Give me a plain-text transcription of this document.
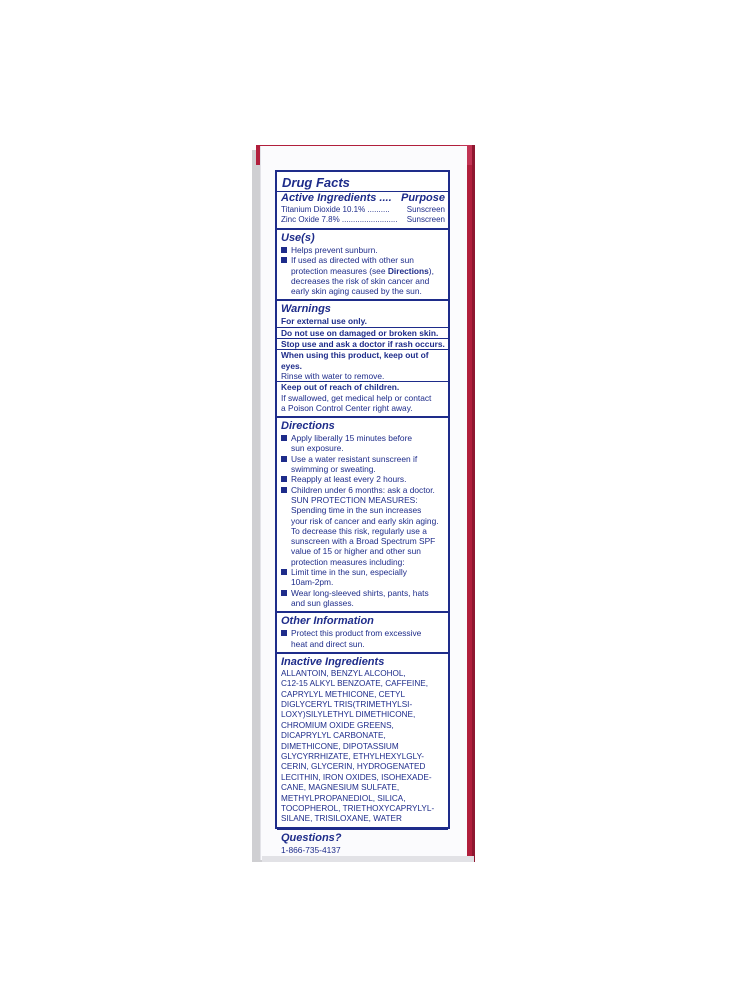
Drug Facts
Active Ingredients .... Purpose
Titanium Dioxide 10.1% .......... Sunscreen
Zinc Oxide 7.8% ......................... Sunscreen
Use(s)
Helps prevent sunburn.
If used as directed with other sun
protection measures (see Directions),
decreases the risk of skin cancer and
early skin aging caused by the sun.
Warnings
For external use only.
Do not use on damaged or broken skin.
Stop use and ask a doctor if rash occurs.
When using this product, keep out of eyes.
Rinse with water to remove.
Keep out of reach of children.
If swallowed, get medical help or contact
a Poison Control Center right away.
Directions
Apply liberally 15 minutes before
sun exposure.
Use a water resistant sunscreen if
swimming or sweating.
Reapply at least every 2 hours.
Children under 6 months: ask a doctor.
SUN PROTECTION MEASURES:
Spending time in the sun increases
your risk of cancer and early skin aging.
To decrease this risk, regularly use a
sunscreen with a Broad Spectrum SPF
value of 15 or higher and other sun
protection measures including:
Limit time in the sun, especially
10am-2pm.
Wear long-sleeved shirts, pants, hats
and sun glasses.
Other Information
Protect this product from excessive
heat and direct sun.
Inactive Ingredients
ALLANTOIN, BENZYL ALCOHOL,
C12-15 ALKYL BENZOATE, CAFFEINE,
CAPRYLYL METHICONE, CETYL
DIGLYCERYL TRIS(TRIMETHYLSI-
LOXY)SILYLETHYL DIMETHICONE,
CHROMIUM OXIDE GREENS,
DICAPRYLYL CARBONATE,
DIMETHICONE, DIPOTASSIUM
GLYCYRRHIZATE, ETHYLHEXYLGLY-
CERIN, GLYCERIN, HYDROGENATED
LECITHIN, IRON OXIDES, ISOHEXADE-
CANE, MAGNESIUM SULFATE,
METHYLPROPANEDIOL, SILICA,
TOCOPHEROL, TRIETHOXYCAPRYLYL-
SILANE, TRISILOXANE, WATER
Questions?
1-866-735-4137
